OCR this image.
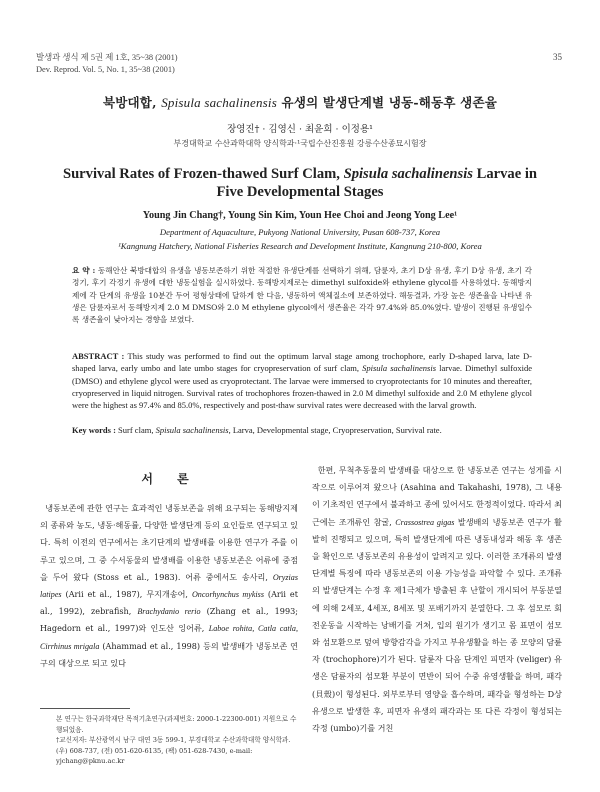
발생과 생식 제 5권 제 1호, 35~38 (2001)
Dev. Reprod. Vol. 5, No. 1, 35~38 (2001)
35
북방대합, Spisula sachalinensis 유생의 발생단계별 냉동-해동후 생존율
장영진† · 김영신 · 최윤희 · 이정용¹
부경대학교 수산과학대학 양식학과·¹국립수산진흥원 강릉수산종묘시험장
Survival Rates of Frozen-thawed Surf Clam, Spisula sachalinensis Larvae in Five Developmental Stages
Young Jin Chang†, Young Sin Kim, Youn Hee Choi and Jeong Yong Lee¹
Department of Aquaculture, Pukyong National University, Pusan 608-737, Korea
¹Kangnung Hatchery, National Fisheries Research and Development Institute, Kangnung 210-800, Korea
요 약 : 동해안산 북방대합의 유생을 냉동보존하기 위한 적절한 유생단계를 선택하기 위해, 담륜자, 초기 D상 유생, 후기 D상 유생, 초기 각정기, 후기 각정기 유생에 대한 냉동실험을 실시하였다. 동해방지제로는 dimethyl sulfoxide와 ethylene glycol를 사용하였다. 동해방지제에 각 단계의 유생을 10분간 두어 평형상태에 달하게 한 다음, 냉동하여 액체질소에 보존하였다. 해동결과, 가장 높은 생존율을 나타낸 유생은 담륜자로서 동해방지제 2.0 M DMSO와 2.0 M ethylene glycol에서 생존율은 각각 97.4%와 85.0%였다. 발생이 진행된 유생일수록 생존율이 낮아지는 경향을 보였다.
ABSTRACT : This study was performed to find out the optimum larval stage among trochophore, early D-shaped larva, late D-shaped larva, early umbo and late umbo stages for cryopreservation of surf clam, Spisula sachalinensis larvae. Dimethyl sulfoxide (DMSO) and ethylene glycol were used as cryoprotectant. The larvae were immersed to cryoprotectants for 10 minutes and thereafter, cryopreserved in liquid nitrogen. Survival rates of trochophores frozen-thawed in 2.0 M dimethyl sulfoxide and 2.0 M ethylene glycol were the highest as 97.4% and 85.0%, respectively and post-thaw survival rates were decreased with the larval growth.
Key words : Surf clam, Spisula sachalinensis, Larva, Developmental stage, Cryopreservation, Survival rate.
서 론

냉동보존에 관한 연구는 효과적인 냉동보존을 위해 요구되는 동해방지제의 종류와 농도, 냉동·해동률, 다양한 발생단계 등의 요인들로 연구되고 있다. 특히 이전의 연구에서는 초기단계의 발생배를 이용한 연구가 주를 이루고 있으며, 그 중 수서동물의 발생배를 이용한 냉동보존은 어류에 중점을 두어 왔다 (Stoss et al., 1983). 어류 중에서도 송사리, Oryzias latipes (Arii et al., 1987), 무지개송어, Oncorhynchus mykiss (Arii et al., 1992), zebrafish, Brachydanio rerio (Zhang et al., 1993; Hagedorn et al., 1997)와 인도산 잉어류, Laboe rohita, Catla catla, Cirrhinus mrigala (Ahammad et al., 1998) 등의 발생배가 냉동보존 연구의 대상으로 되고 있다

한편, 무척추동물의 발생배를 대상으로 한 냉동보존 연구는 성게를 시작으로 이루어져 왔으나 (Asahina and Takahashi, 1978), 그 내용이 기초적인 연구에서 불과하고 종에 있어서도 한정적이었다. 따라서 최근에는 조개류인 참굴, Crassostrea gigas 발생배의 냉동보존 연구가 활발히 진행되고 있으며, 특히 발생단계에 따른 냉동내성과 해동 후 생존을 확인으로 냉동보존의 유용성이 알려지고 있다. 이러한 조개류의 발생단계별 특징에 따라 냉동보존의 이용 가능성을 파악할 수 있다. 조개류의 발생단계는 수정 후 제1극체가 방출된 후 난할이 개시되어 부동분열에 의해 2세포, 4세포, 8세포 및 포배기까지 분열한다. 그 후 섬모로 회전운동을 시작하는 낭배기를 거쳐, 입의 원기가 생기고 몸 표면이 섬모와 섬모환으로 덮여 방향감각을 가지고 부유생활을 하는 종 모양의 담륜자 (trochophore)기가 된다. 담륜자 다음 단계인 피면자 (veliger) 유생은 담륜자의 섬모환 부분이 면반이 되어 수중 유영생활을 하며, 패각(貝殼)이 형성된다. 외부로부터 영양을 흡수하며, 패각을 형성하는 D상 유생으로 발생한 후, 피면자 유생의 패각과는 또 다른 각정이 형성되는 각정 (umbo)기를 거친

본 연구는 한국과학재단 목적기초연구(과제번호: 2000-1-22300-001) 지원으로 수행되었음.
†교신저자: 부산광역시 남구 대연 3동 599-1, 부경대학교 수산과학대학 양식학과. (우) 608-737, (전) 051-620-6135, (팩) 051-628-7430, e-mail: yjchang@pknu.ac.kr
